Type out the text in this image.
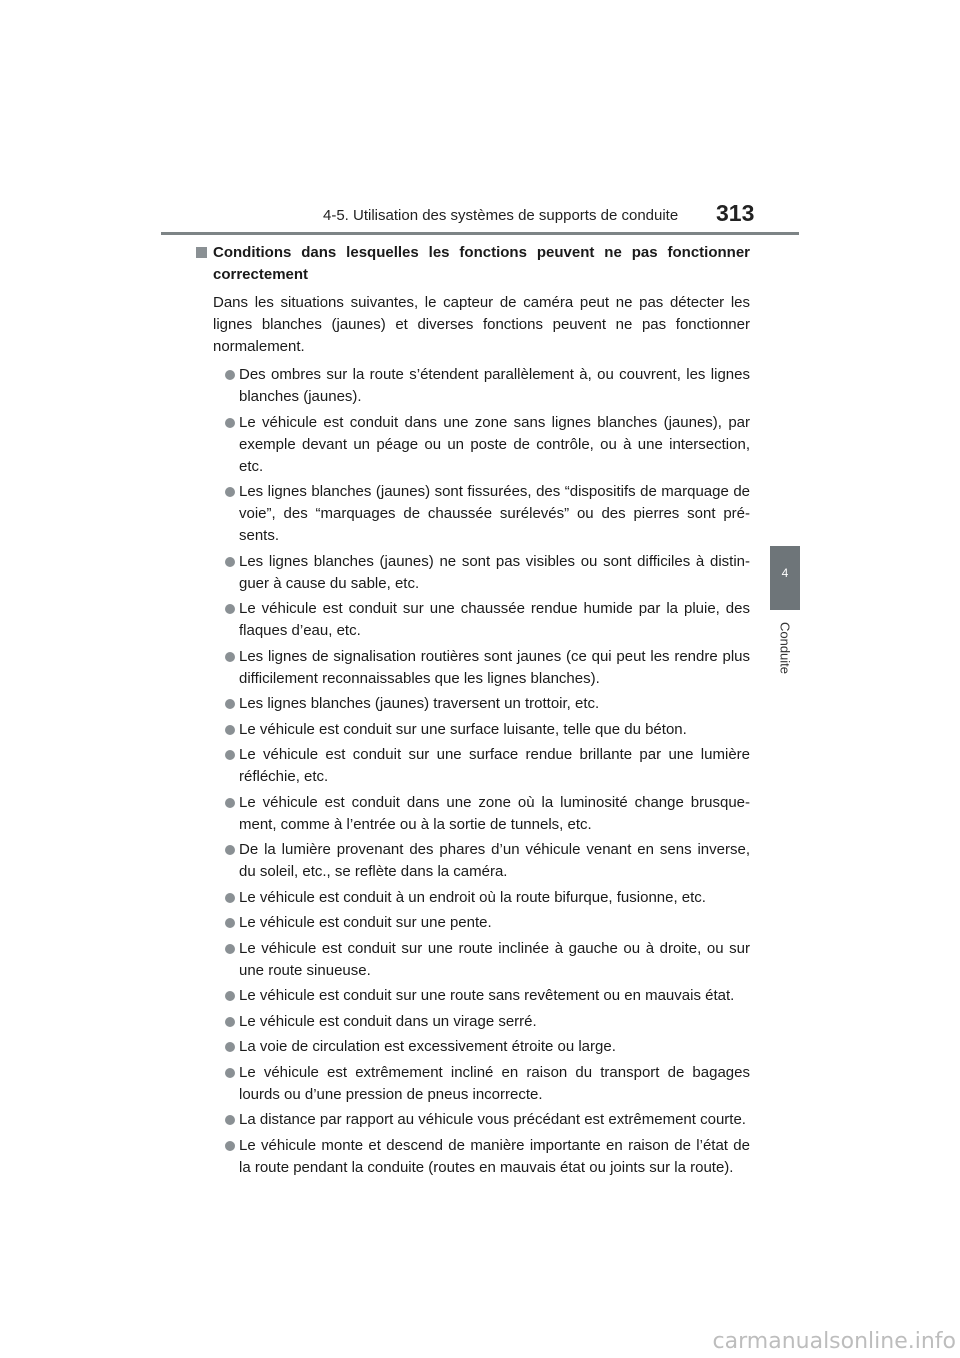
4-5. Utilisation des systèmes de supports de conduite 313
4
Conduite
Conditions dans lesquelles les fonctions peuvent ne pas fonctionner correctement

Dans les situations suivantes, le capteur de caméra peut ne pas détecter les lignes blanches (jaunes) et diverses fonctions peuvent ne pas fonctionner normalement.

Des ombres sur la route s’étendent parallèlement à, ou couvrent, les lignes blanches (jaunes).
Le véhicule est conduit dans une zone sans lignes blanches (jaunes), par exemple devant un péage ou un poste de contrôle, ou à une intersection, etc.
Les lignes blanches (jaunes) sont fissurées, des “dispositifs de marquage de voie”, des “marquages de chaussée surélevés” ou des pierres sont pré-sents.
Les lignes blanches (jaunes) ne sont pas visibles ou sont difficiles à distin-guer à cause du sable, etc.
Le véhicule est conduit sur une chaussée rendue humide par la pluie, des flaques d’eau, etc.
Les lignes de signalisation routières sont jaunes (ce qui peut les rendre plus difficilement reconnaissables que les lignes blanches).
Les lignes blanches (jaunes) traversent un trottoir, etc.
Le véhicule est conduit sur une surface luisante, telle que du béton.
Le véhicule est conduit sur une surface rendue brillante par une lumière réfléchie, etc.
Le véhicule est conduit dans une zone où la luminosité change brusque-ment, comme à l’entrée ou à la sortie de tunnels, etc.
De la lumière provenant des phares d’un véhicule venant en sens inverse, du soleil, etc., se reflète dans la caméra.
Le véhicule est conduit à un endroit où la route bifurque, fusionne, etc.
Le véhicule est conduit sur une pente.
Le véhicule est conduit sur une route inclinée à gauche ou à droite, ou sur une route sinueuse.
Le véhicule est conduit sur une route sans revêtement ou en mauvais état.
Le véhicule est conduit dans un virage serré.
La voie de circulation est excessivement étroite ou large.
Le véhicule est extrêmement incliné en raison du transport de bagages lourds ou d’une pression de pneus incorrecte.
La distance par rapport au véhicule vous précédant est extrêmement courte.
Le véhicule monte et descend de manière importante en raison de l’état de la route pendant la conduite (routes en mauvais état ou joints sur la route).
carmanualsonline.info
